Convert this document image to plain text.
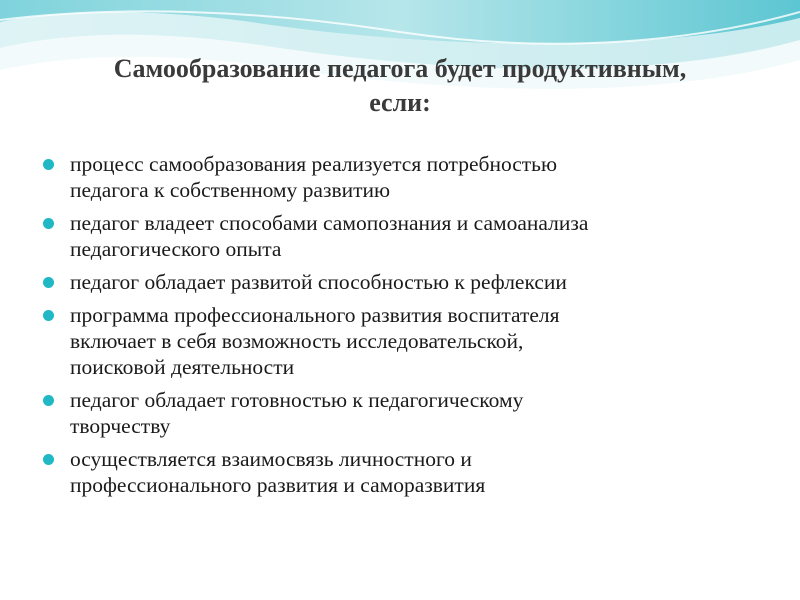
Самообразование педагога будет продуктивным,
если:
процесс самообразования реализуется потребностью
педагога к собственному развитию
педагог владеет способами самопознания и самоанализа
педагогического опыта
педагог обладает развитой способностью к рефлексии
программа профессионального развития воспитателя
включает в себя возможность исследовательской,
поисковой деятельности
педагог обладает готовностью к педагогическому
творчеству
осуществляется взаимосвязь личностного и
профессионального развития и саморазвития
